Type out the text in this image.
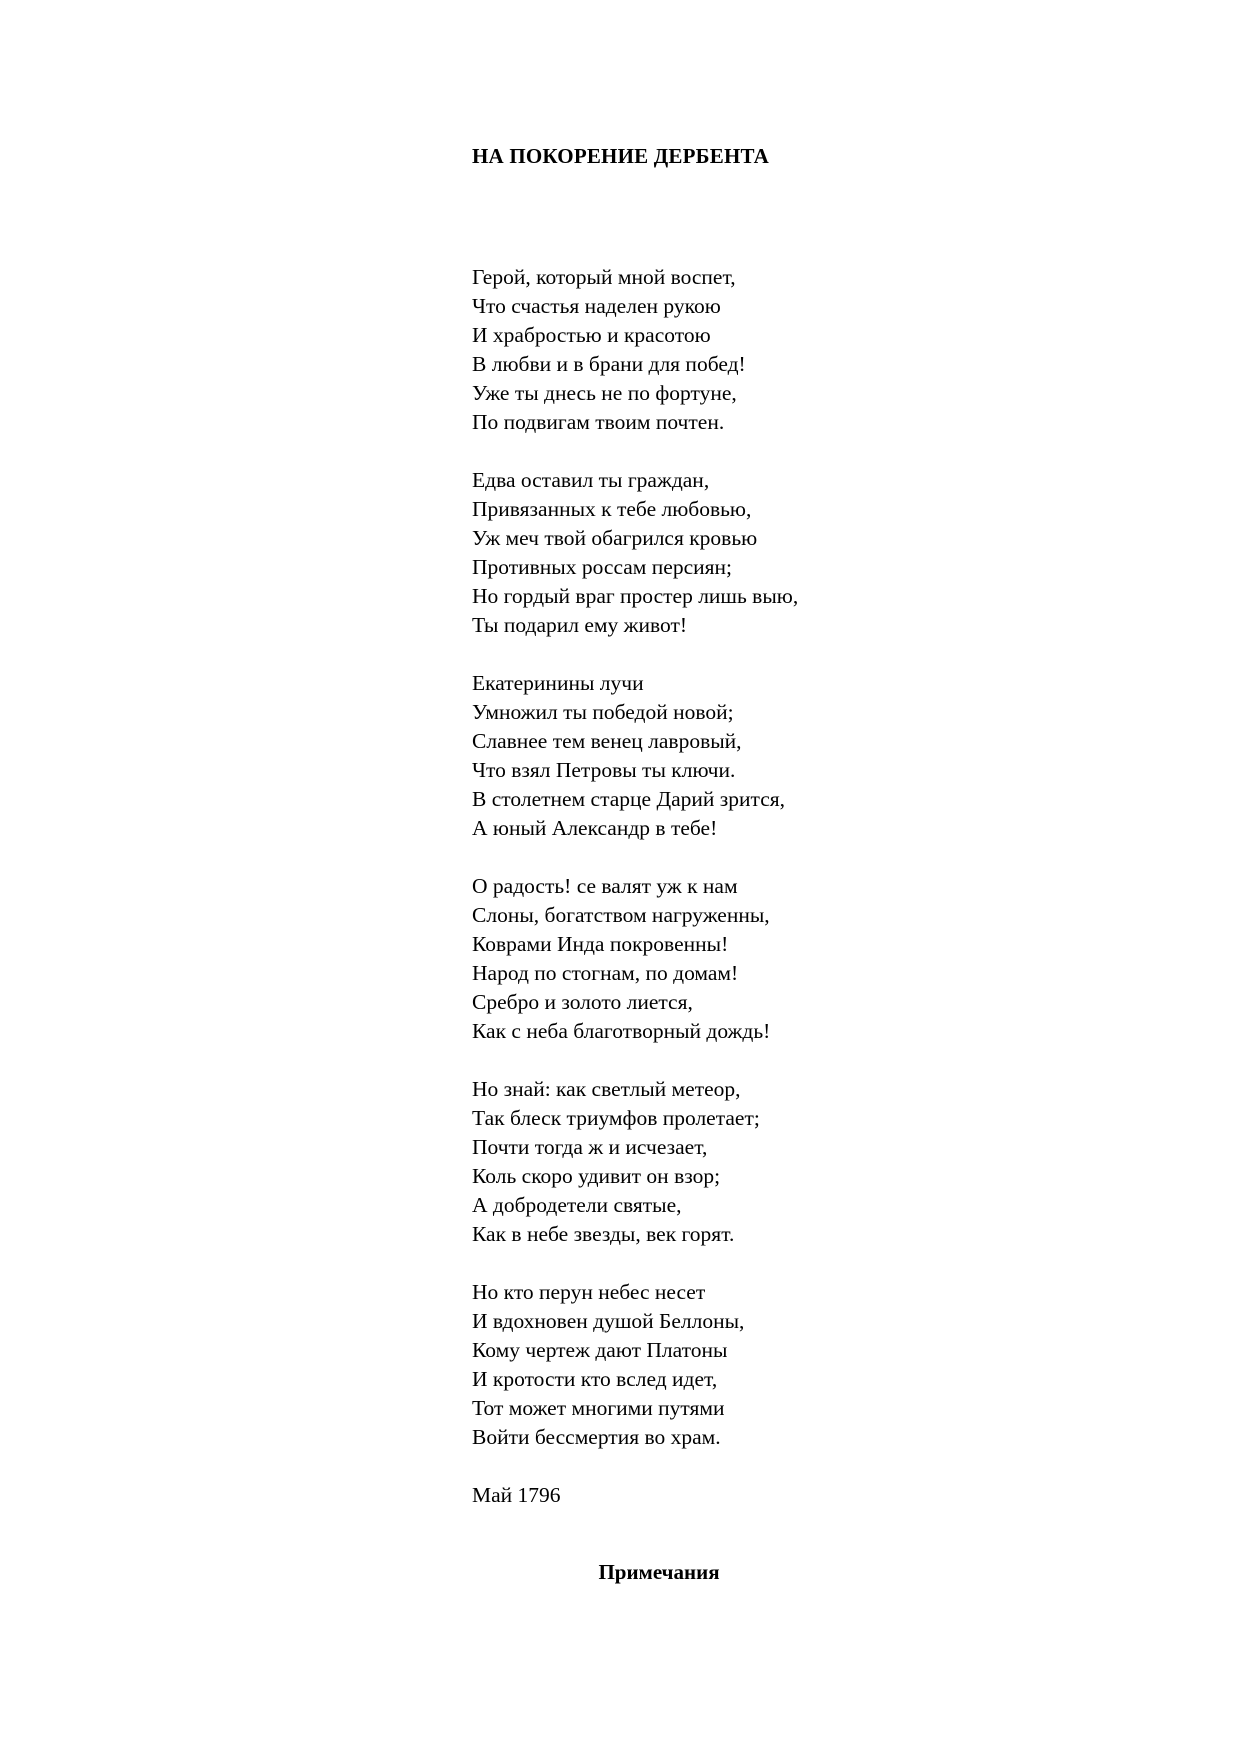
НА ПОКОРЕНИЕ ДЕРБЕНТА
Герой, который мной воспет,
Что счастья наделен рукою
И храбростью и красотою
В любви и в брани для побед!
Уже ты днесь не по фортуне,
По подвигам твоим почтен.
Едва оставил ты граждан,
Привязанных к тебе любовью,
Уж меч твой обагрился кровью
Противных россам персиян;
Но гордый враг простер лишь выю,
Ты подарил ему живот!
Екатеринины лучи
Умножил ты победой новой;
Славнее тем венец лавровый,
Что взял Петровы ты ключи.
В столетнем старце Дарий зрится,
А юный Александр в тебе!
О радость! се валят уж к нам
Слоны, богатством нагруженны,
Коврами Инда покровенны!
Народ по стогнам, по домам!
Сребро и золото лиется,
Как с неба благотворный дождь!
Но знай: как светлый метеор,
Так блеск триумфов пролетает;
Почти тогда ж и исчезает,
Коль скоро удивит он взор;
А добродетели святые,
Как в небе звезды, век горят.
Но кто перун небес несет
И вдохновен душой Беллоны,
Кому чертеж дают Платоны
И кротости кто вслед идет,
Тот может многими путями
Войти бессмертия во храм.
Май 1796
Примечания
